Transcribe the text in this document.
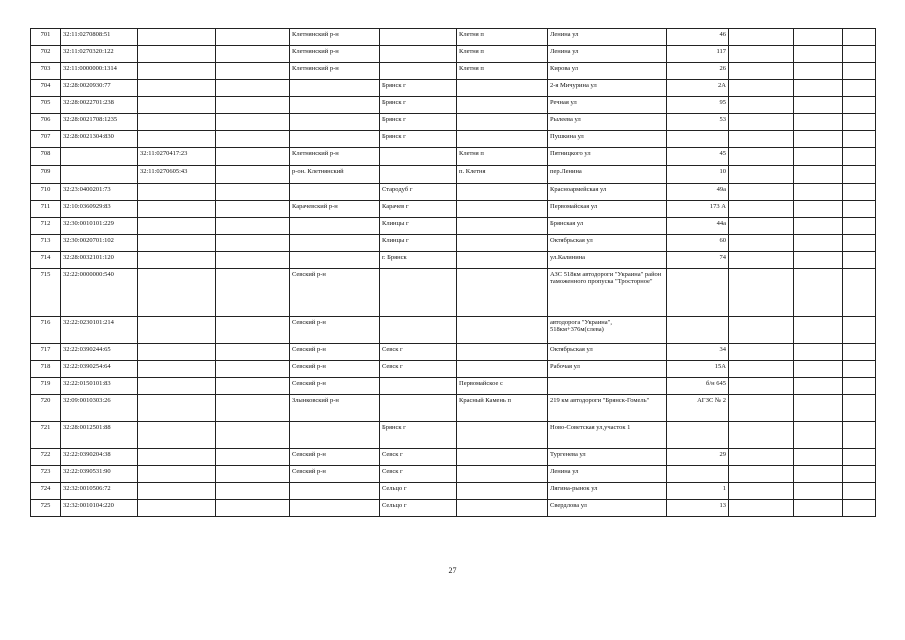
701	32:11:0270808:51			Клетнянский р-н		Клетня п	Ленина ул	46			
702	32:11:0270320:122			Клетнянский р-н		Клетня п	Ленина ул	117			
703	32:11:0000000:1314			Клетнянский р-н		Клетня п	Кирова ул	26			
704	32:28:0020930:77				Брянск г		2-я Мичурина ул	2А			
705	32:28:0022701:238				Брянск г		Речная ул	95			
706	32:28:0021708:1235				Брянск г		Рылеева ул	53			
707	32:28:0021304:830				Брянск г		Пушкина ул				
708		32:11:0270417:23		Клетнянский р-н		Клетня п	Пятницкого ул	45			
709		32:11:0270605:43		р-он. Клетнянский		п. Клетня	пер.Ленина	10			
710	32:23:0400201:73				Стародуб г		Красноармейская ул	49а			
711	32:10:0360929:83			Карачевский р-н	Карачев г		Первомайская ул	173 А			
712	32:30:0010101:229				Клинцы г		Брянская ул	44а			
713	32:30:0020701:102				Клинцы г		Октябрьская ул	60			
714	32:28:0032101:120				г. Брянск		ул.Калинина	74			
715	32:22:0000000:540			Севский р-н			АЗС 518км автодороги "Украина" район таможенного пропуска "Тросторное"				
716	32:22:0230101:214			Севский р-н			автодорога "Украина", 518км+376м(слева)				
717	32:22:0390244:65			Севский р-н	Севск г		Октябрьская ул	34			
718	32:22:0390254:64			Севский р-н	Севск г		Рабочая ул	15А			
719	32:22:0150101:83			Севский р-н		Первомайское с		б/н 645			
720	32:09:0010303:26			Злынковский р-н		Красный Камень п	219 км автодороги "Брянск-Гомель"	АГЗС № 2			
721	32:28:0012501:88				Брянск г		Ново-Советская ул,участок 1				
722	32:22:0390204:38			Севский р-н	Севск г		Тургенева ул	29			
723	32:22:0390531:90			Севский р-н	Севск г		Ленина ул				
724	32:32:0010506:72				Сельцо г		Лягина-рынок ул	1			
725	32:32:0010104:220				Сельцо г		Свердлова ул	13			
27
